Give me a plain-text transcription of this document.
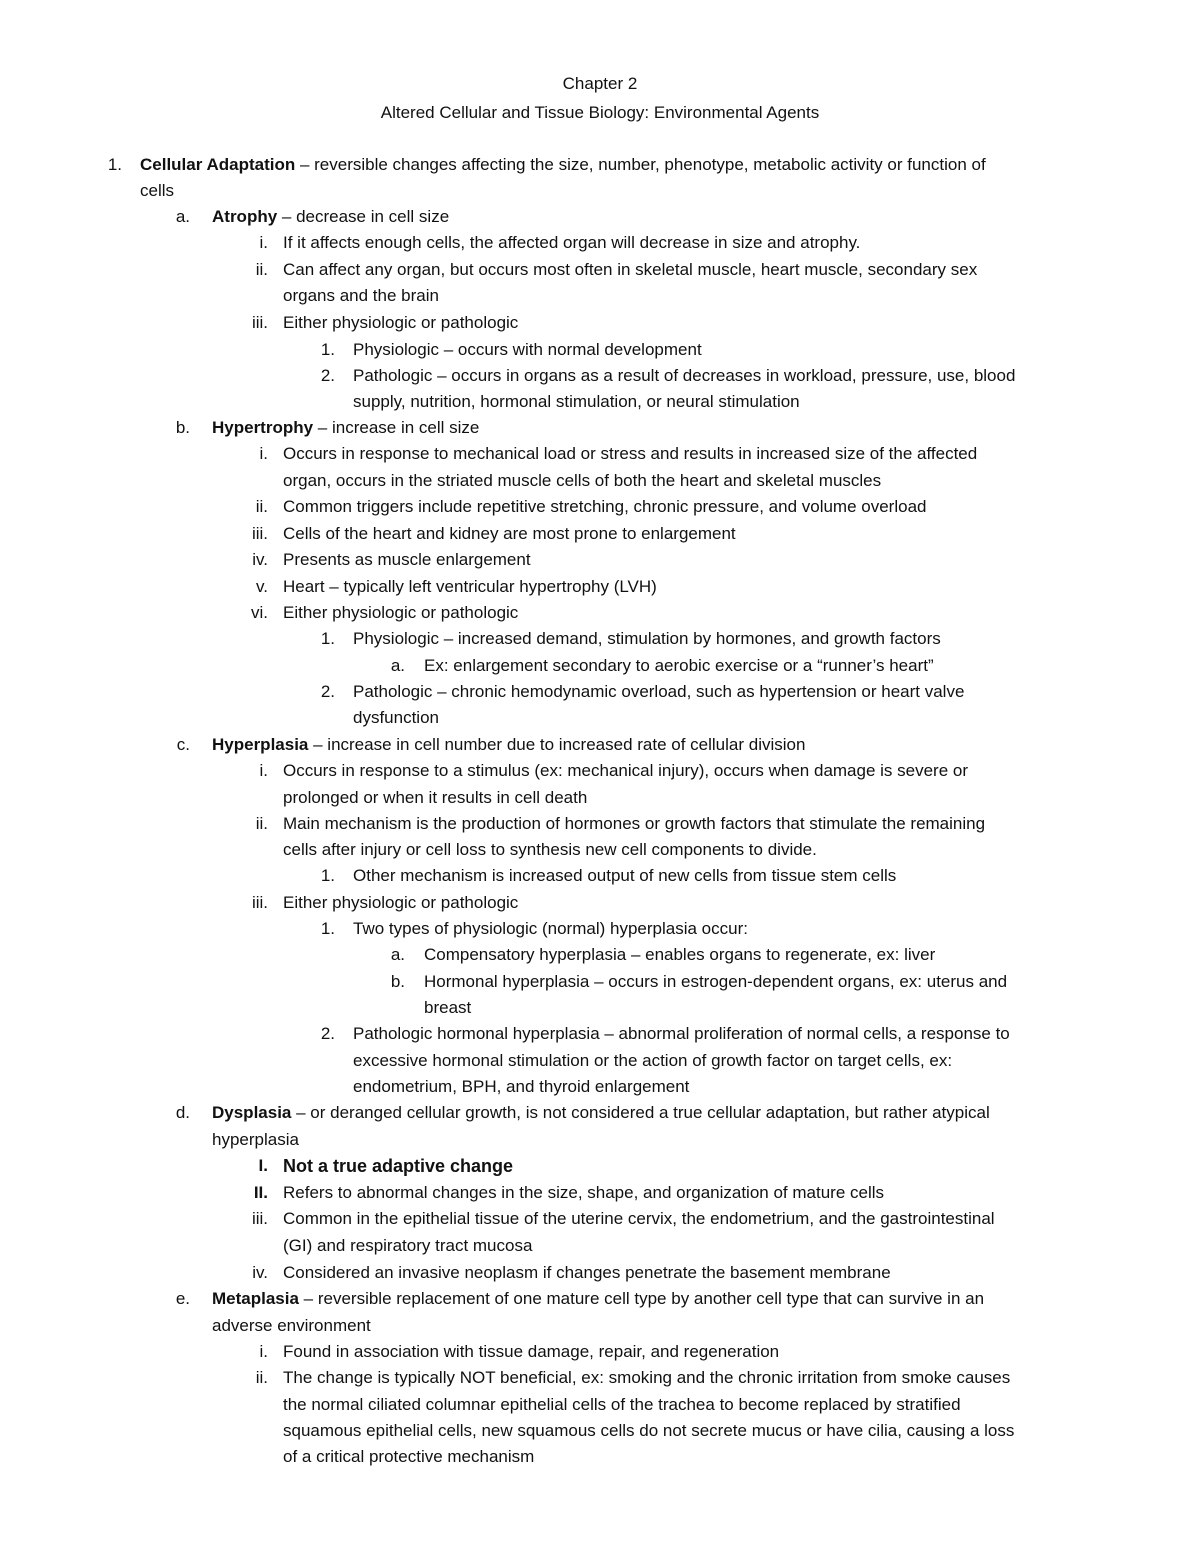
Chapter 2
Altered Cellular and Tissue Biology: Environmental Agents
1. Cellular Adaptation – reversible changes affecting the size, number, phenotype, metabolic activity or function of
cells
a. Atrophy – decrease in cell size
i. If it affects enough cells, the affected organ will decrease in size and atrophy.
ii. Can affect any organ, but occurs most often in skeletal muscle, heart muscle, secondary sex
organs and the brain
iii. Either physiologic or pathologic
1. Physiologic – occurs with normal development
2. Pathologic – occurs in organs as a result of decreases in workload, pressure, use, blood
supply, nutrition, hormonal stimulation, or neural stimulation
b. Hypertrophy – increase in cell size
i. Occurs in response to mechanical load or stress and results in increased size of the affected
organ, occurs in the striated muscle cells of both the heart and skeletal muscles
ii. Common triggers include repetitive stretching, chronic pressure, and volume overload
iii. Cells of the heart and kidney are most prone to enlargement
iv. Presents as muscle enlargement
v. Heart – typically left ventricular hypertrophy (LVH)
vi. Either physiologic or pathologic
1. Physiologic – increased demand, stimulation by hormones, and growth factors
a. Ex: enlargement secondary to aerobic exercise or a “runner’s heart”
2. Pathologic – chronic hemodynamic overload, such as hypertension or heart valve
dysfunction
c. Hyperplasia – increase in cell number due to increased rate of cellular division
i. Occurs in response to a stimulus (ex: mechanical injury), occurs when damage is severe or
prolonged or when it results in cell death
ii. Main mechanism is the production of hormones or growth factors that stimulate the remaining
cells after injury or cell loss to synthesis new cell components to divide.
1. Other mechanism is increased output of new cells from tissue stem cells
iii. Either physiologic or pathologic
1. Two types of physiologic (normal) hyperplasia occur:
a. Compensatory hyperplasia – enables organs to regenerate, ex: liver
b. Hormonal hyperplasia – occurs in estrogen-dependent organs, ex: uterus and
breast
2. Pathologic hormonal hyperplasia – abnormal proliferation of normal cells, a response to
excessive hormonal stimulation or the action of growth factor on target cells, ex:
endometrium, BPH, and thyroid enlargement
d. Dysplasia – or deranged cellular growth, is not considered a true cellular adaptation, but rather atypical
hyperplasia
I. Not a true adaptive change
II. Refers to abnormal changes in the size, shape, and organization of mature cells
iii. Common in the epithelial tissue of the uterine cervix, the endometrium, and the gastrointestinal
(GI) and respiratory tract mucosa
iv. Considered an invasive neoplasm if changes penetrate the basement membrane
e. Metaplasia – reversible replacement of one mature cell type by another cell type that can survive in an
adverse environment
i. Found in association with tissue damage, repair, and regeneration
ii. The change is typically NOT beneficial, ex: smoking and the chronic irritation from smoke causes
the normal ciliated columnar epithelial cells of the trachea to become replaced by stratified
squamous epithelial cells, new squamous cells do not secrete mucus or have cilia, causing a loss
of a critical protective mechanism
